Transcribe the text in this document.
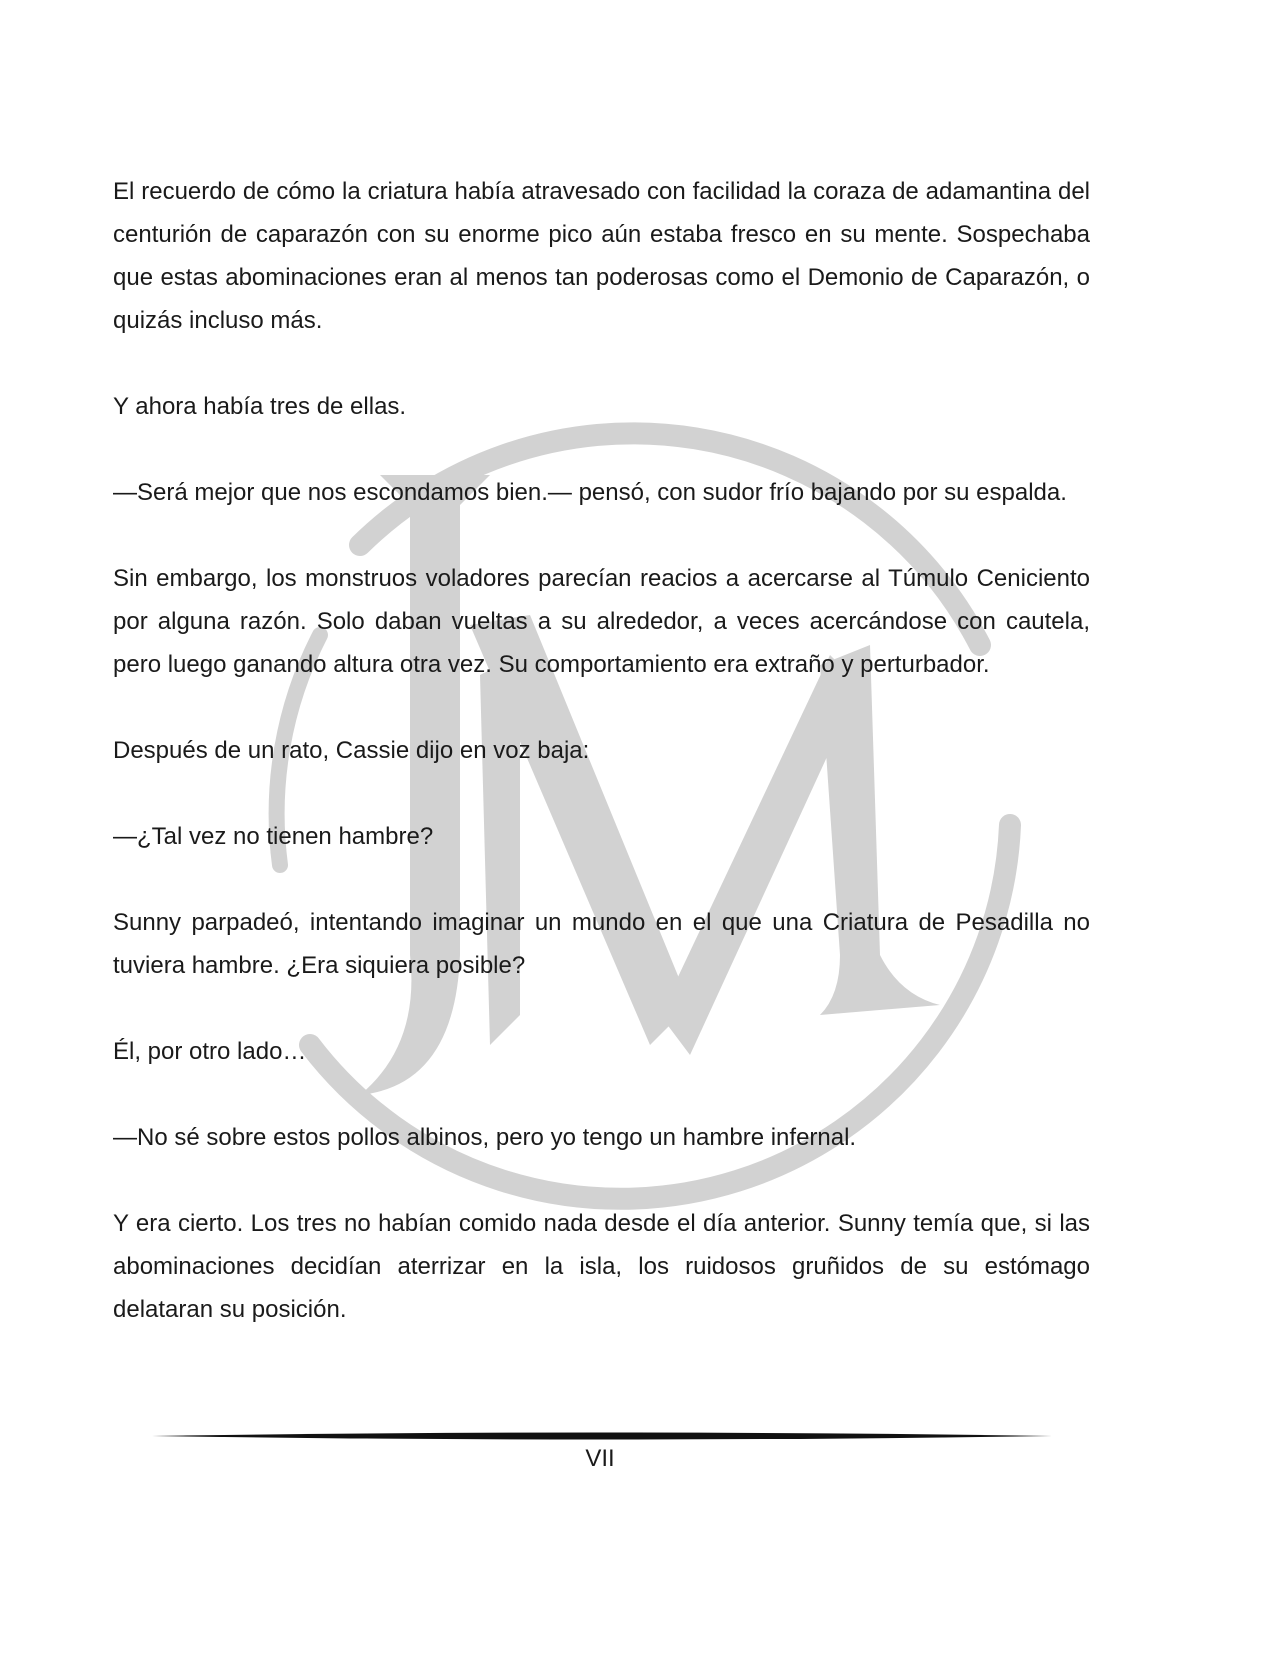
El recuerdo de cómo la criatura había atravesado con facilidad la coraza de adamantina del centurión de caparazón con su enorme pico aún estaba fresco en su mente. Sospechaba que estas abominaciones eran al menos tan poderosas como el Demonio de Caparazón, o quizás incluso más.

Y ahora había tres de ellas.

—Será mejor que nos escondamos bien.— pensó, con sudor frío bajando por su espalda.

Sin embargo, los monstruos voladores parecían reacios a acercarse al Túmulo Ceniciento por alguna razón. Solo daban vueltas a su alrededor, a veces acercándose con cautela, pero luego ganando altura otra vez. Su comportamiento era extraño y perturbador.

Después de un rato, Cassie dijo en voz baja:

—¿Tal vez no tienen hambre?

Sunny parpadeó, intentando imaginar un mundo en el que una Criatura de Pesadilla no tuviera hambre. ¿Era siquiera posible?

Él, por otro lado…

—No sé sobre estos pollos albinos, pero yo tengo un hambre infernal.

Y era cierto. Los tres no habían comido nada desde el día anterior. Sunny temía que, si las abominaciones decidían aterrizar en la isla, los ruidosos gruñidos de su estómago delataran su posición.

VII
